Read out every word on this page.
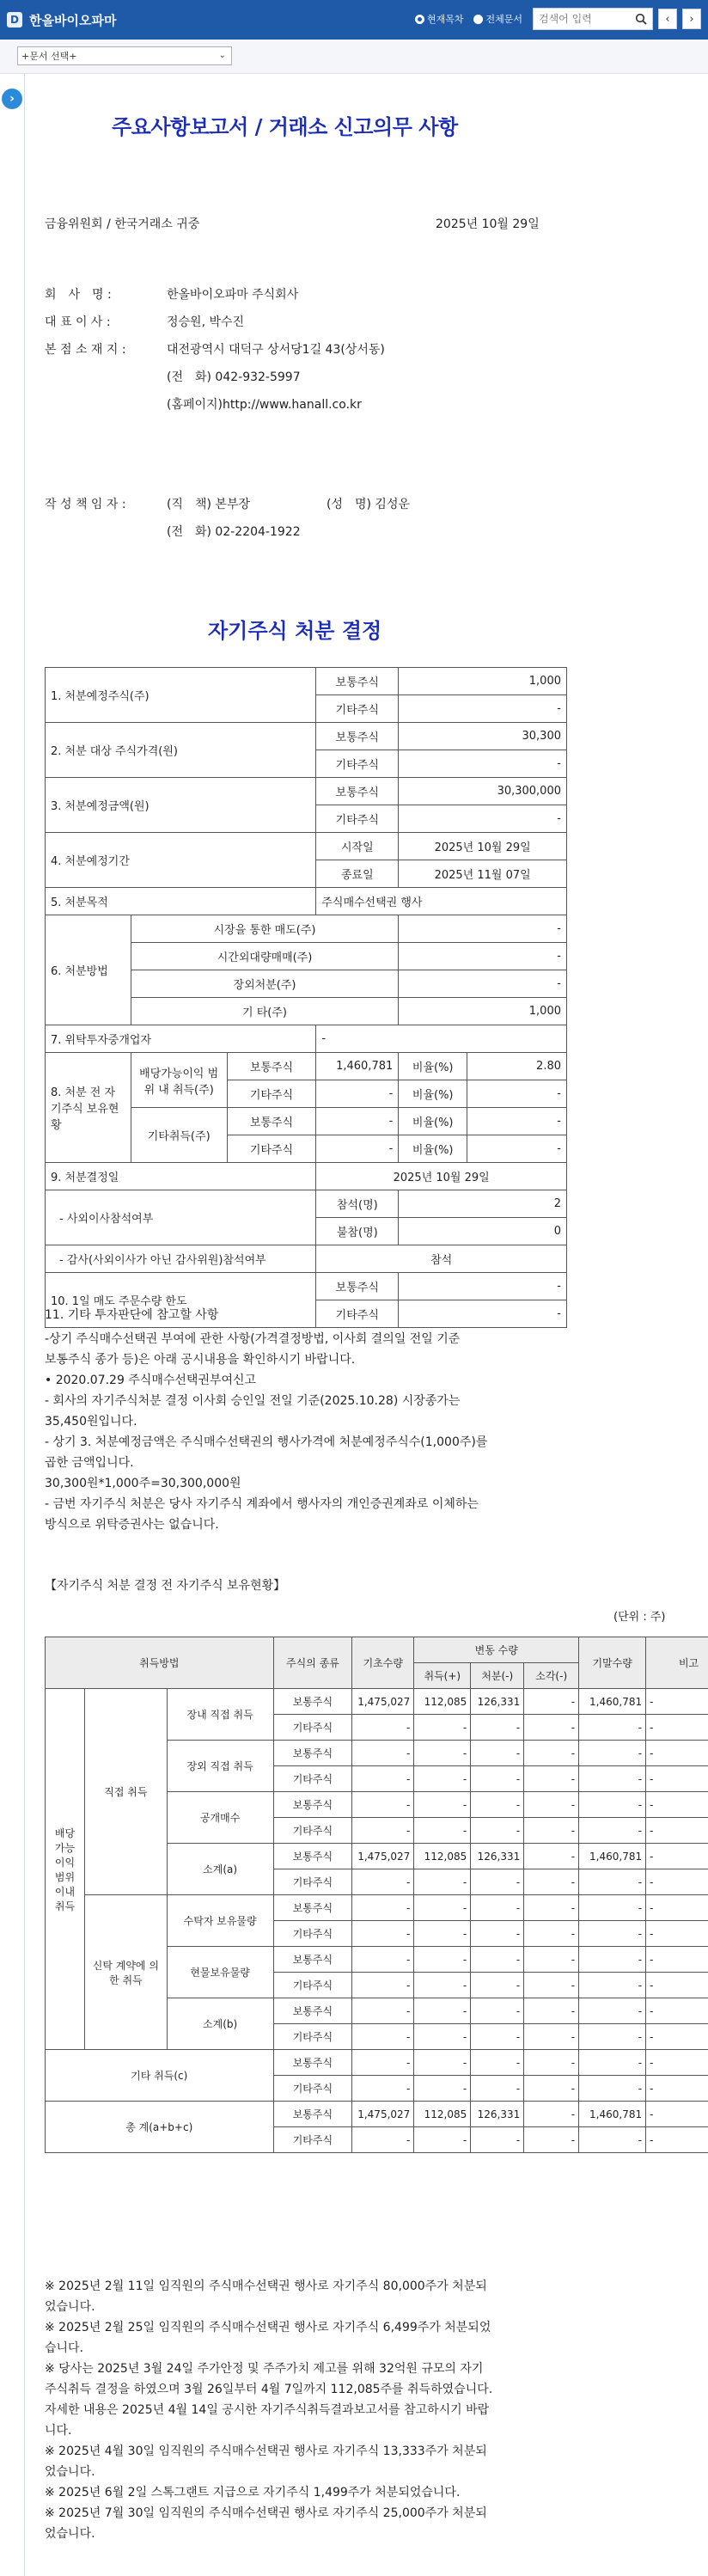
D 한올바이오파마	현재목차 전체문서
검색어 입력	‹	›
+문서 선택+	⌄
›
주요사항보고서 / 거래소 신고의무 사항
금융위원회 / 한국거래소 귀중	2025년 10월 29일
회　사　명 :	한올바이오파마 주식회사
대 표 이 사 :	정승원, 박수진
본 점 소 재 지 :	대전광역시 대덕구 상서당1길 43(상서동)
(전　화) 042-932-5997
(홈페이지)http://www.hanall.co.kr
작 성 책 임 자 :	(직　책) 본부장	(성　명) 김성운
(전　화) 02-2204-1922
자기주식 처분 결정
1. 처분예정주식(주)			보통주식	1,000	
			기타주식	-	
2. 처분 대상 주식가격(원)			보통주식	30,300	
			기타주식	-	
3. 처분예정금액(원)			보통주식	30,300,000	
			기타주식	-	
4. 처분예정기간			시작일	2025년 10월 29일	
			종료일	2025년 11월 07일	
5. 처분목적			주식매수선택권 행사		
6. 처분방법	시장을 통한 매도(주)			-	
	시간외대량매매(주)			-	
	장외처분(주)			-	
	기 타(주)			1,000	
7. 위탁투자중개업자			-		
8. 처분 전 자기주식 보유현황	배당가능이익 범위 내 취득(주)	보통주식	1,460,781	비율(%)	2.80
		기타주식	-	비율(%)	-
	기타취득(주)	보통주식	-	비율(%)	-
		기타주식	-	비율(%)	-
9. 처분결정일			2025년 10월 29일		
- 사외이사참석여부			참석(명)	2	
			불참(명)	0	
- 감사(사외이사가 아닌 감사위원)참석여부			참석		
10. 1일 매도 주문수량 한도			보통주식	-	
			기타주식	-	
11. 기타 투자판단에 참고할 사항
-상기 주식매수선택권 부여에 관한 사항(가격결정방법, 이사회 결의일 전일 기준
보통주식 종가 등)은 아래 공시내용을 확인하시기 바랍니다.
• 2020.07.29 주식매수선택권부여신고
- 회사의 자기주식처분 결정 이사회 승인일 전일 기준(2025.10.28) 시장종가는
35,450원입니다.
- 상기 3. 처분예정금액은 주식매수선택권의 행사가격에 처분예정주식수(1,000주)를
곱한 금액입니다.
30,300원*1,000주=30,300,000원
- 금번 자기주식 처분은 당사 자기주식 계좌에서 행사자의 개인증권계좌로 이체하는
방식으로 위탁증권사는 없습니다.
【자기주식 처분 결정 전 자기주식 보유현황】
(단위 : 주)
취득방법			주식의 종류	기초수량	변동 수량			기말수량	비고
					취득(+)	처분(-)	소각(-)		
배당 가능 이익 범위 이내 취득	직접 취득	장내 직접 취득	보통주식	1,475,027	112,085	126,331	-	1,460,781	-
			기타주식	-	-	-	-	-	-
		장외 직접 취득	보통주식	-	-	-	-	-	-
			기타주식	-	-	-	-	-	-
		공개매수	보통주식	-	-	-	-	-	-
			기타주식	-	-	-	-	-	-
		소계(a)	보통주식	1,475,027	112,085	126,331	-	1,460,781	-
			기타주식	-	-	-	-	-	-
	신탁 계약에 의한 취득	수탁자 보유물량	보통주식	-	-	-	-	-	-
			기타주식	-	-	-	-	-	-
		현물보유물량	보통주식	-	-	-	-	-	-
			기타주식	-	-	-	-	-	-
		소계(b)	보통주식	-	-	-	-	-	-
			기타주식	-	-	-	-	-	-
기타 취득(c)			보통주식	-	-	-	-	-	-
			기타주식	-	-	-	-	-	-
총 계(a+b+c)			보통주식	1,475,027	112,085	126,331	-	1,460,781	-
			기타주식	-	-	-	-	-	-
※ 2025년 2월 11일 임직원의 주식매수선택권 행사로 자기주식 80,000주가 처분되
었습니다.
※ 2025년 2월 25일 임직원의 주식매수선택권 행사로 자기주식 6,499주가 처분되었
습니다.
※ 당사는 2025년 3월 24일 주가안정 및 주주가치 제고를 위해 32억원 규모의 자기
주식취득 결정을 하였으며 3월 26일부터 4월 7일까지 112,085주를 취득하였습니다.
자세한 내용은 2025년 4월 14일 공시한 자기주식취득결과보고서를 참고하시기 바랍
니다.
※ 2025년 4월 30일 임직원의 주식매수선택권 행사로 자기주식 13,333주가 처분되
었습니다.
※ 2025년 6월 2일 스톡그랜트 지급으로 자기주식 1,499주가 처분되었습니다.
※ 2025년 7월 30일 임직원의 주식매수선택권 행사로 자기주식 25,000주가 처분되
었습니다.
